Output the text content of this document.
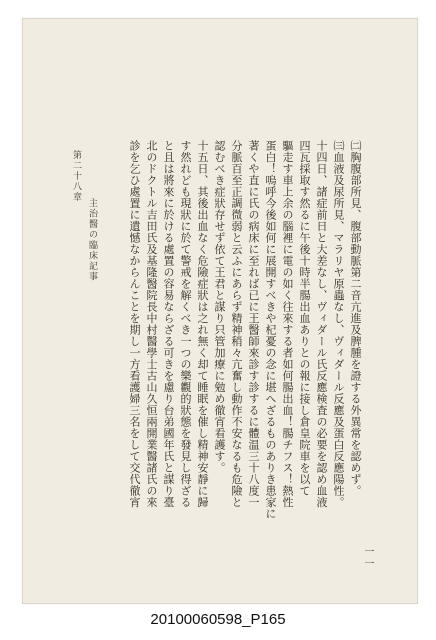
㈡胸腹部所見、腹部動脈第二音亢進及脾腫を證する外異常を認めず。
㈢血液及尿所見、マラリヤ原蟲なし、ヴィダール反應及蛋白反應陽性。
十四日、諸症前日と大差なし、ヴィダール氏反應検査の必要を認め血液
四瓦採取す然るに午後十時半腸出血ありとの報に接し倉皇院車を以て
驅走す車上余の腦裡に電の如く往來する者如何腸出血！腸チフス！熱性
蛋白！嗚呼今後如何に展開すべきや杞憂の念に堪へざるものありき患家に
著くや直に氏の病床に至れば已に王醫師來診す診するに體温三十八度一
分脈百至正調微弱と云ふにあらず精神稍々亢奮し動作不安なるも危險と
認むべき症狀存せず依て王君と謀り只管加療に勉め徹宵看護す。
十五日、其後出血なく危險症狀は之れ無く却て睡眠を催し精神安靜に歸
す然れども現狀に於て警戒を解くべき一つの樂觀的狀態を發見し得ざる
と且は將來に於ける處置の容易ならざる可きを慮り台弟國年氏と謀り臺
北のドクトル吉田氏及基隆醫院長中村醫學士古山久恒兩開業醫諸氏の來
診を乞ひ處置に遺憾なからんことを期し一方看護婦三名をして交代徹宵
第二十八章
主治醫の臨床記事
一一
20100060598_P165
